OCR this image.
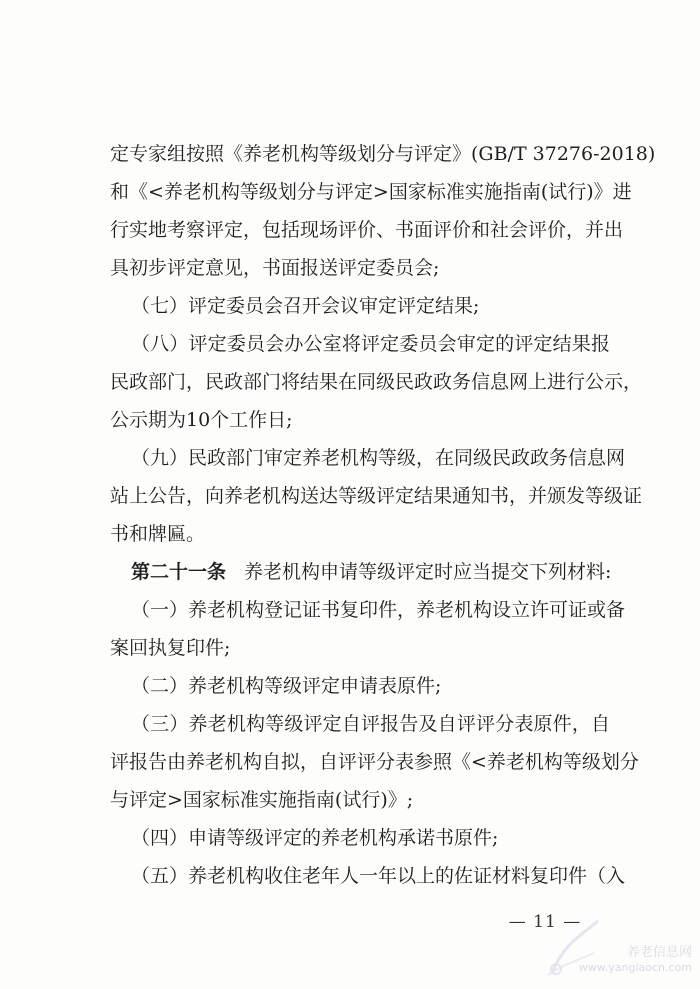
定专家组按照《养老机构等级划分与评定》(GB/T 37276-2018)
和《<养老机构等级划分与评定>国家标准实施指南(试行)》进
行实地考察评定，包括现场评价、书面评价和社会评价，并出
具初步评定意见，书面报送评定委员会;
（七）评定委员会召开会议审定评定结果;
（八）评定委员会办公室将评定委员会审定的评定结果报
民政部门，民政部门将结果在同级民政政务信息网上进行公示，
公示期为10个工作日;
（九）民政部门审定养老机构等级，在同级民政政务信息网
站上公告，向养老机构送达等级评定结果通知书，并颁发等级证
书和牌匾。
第二十一条 养老机构申请等级评定时应当提交下列材料:
（一）养老机构登记证书复印件，养老机构设立许可证或备
案回执复印件;
（二）养老机构等级评定申请表原件;
（三）养老机构等级评定自评报告及自评评分表原件，自
评报告由养老机构自拟，自评评分表参照《<养老机构等级划分
与评定>国家标准实施指南(试行)》;
（四）申请等级评定的养老机构承诺书原件;
（五）养老机构收住老年人一年以上的佐证材料复印件（入
— 11 —
养老信息网
www.yanglaocn.com
